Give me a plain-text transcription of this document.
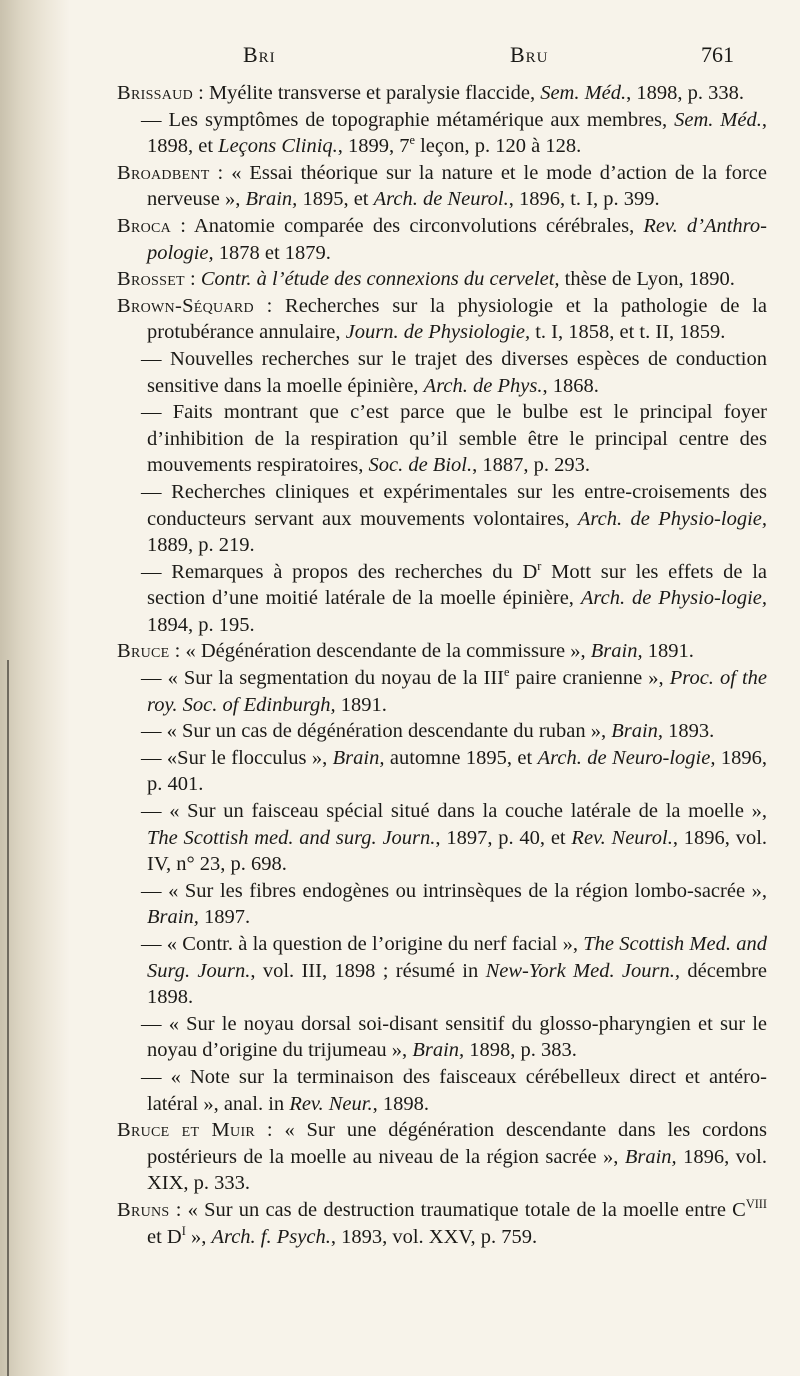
Bri	Bru	761

Brissaud : Myélite transverse et paralysie flaccide, Sem. Méd., 1898, p. 338.

— Les symptômes de topographie métamérique aux membres, Sem. Méd., 1898, et Leçons Cliniq., 1899, 7e leçon, p. 120 à 128.

Broadbent : « Essai théorique sur la nature et le mode d’action de la force nerveuse », Brain, 1895, et Arch. de Neurol., 1896, t. I, p. 399.

Broca : Anatomie comparée des circonvolutions cérébrales, Rev. d’Anthro-pologie, 1878 et 1879.

Brosset : Contr. à l’étude des connexions du cervelet, thèse de Lyon, 1890.

Brown-Séquard : Recherches sur la physiologie et la pathologie de la protubérance annulaire, Journ. de Physiologie, t. I, 1858, et t. II, 1859.

— Nouvelles recherches sur le trajet des diverses espèces de conduction sensitive dans la moelle épinière, Arch. de Phys., 1868.

— Faits montrant que c’est parce que le bulbe est le principal foyer d’inhibition de la respiration qu’il semble être le principal centre des mouvements respiratoires, Soc. de Biol., 1887, p. 293.

— Recherches cliniques et expérimentales sur les entre-croisements des conducteurs servant aux mouvements volontaires, Arch. de Physio-logie, 1889, p. 219.

— Remarques à propos des recherches du $D^r$ Mott sur les effets de la section d’une moitié latérale de la moelle épinière, Arch. de Physio-logie, 1894, p. 195.

Bruce : « Dégénération descendante de la commissure », Brain, 1891.

— « Sur la segmentation du noyau de la IIIe paire cranienne », Proc. of the roy. Soc. of Edinburgh, 1891.

— « Sur un cas de dégénération descendante du ruban », Brain, 1893.

— «Sur le flocculus », Brain, automne 1895, et Arch. de Neuro-logie, 1896, p. 401.

— « Sur un faisceau spécial situé dans la couche latérale de la moelle », The Scottish med. and surg. Journ., 1897, p. 40, et Rev. Neurol., 1896, vol. IV, n° 23, p. 698.

— « Sur les fibres endogènes ou intrinsèques de la région lombo-sacrée », Brain, 1897.

— « Contr. à la question de l’origine du nerf facial », The Scottish Med. and Surg. Journ., vol. III, 1898 ; résumé in New-York Med. Journ., décembre 1898.

— « Sur le noyau dorsal soi-disant sensitif du glosso-pharyngien et sur le noyau d’origine du trijumeau », Brain, 1898, p. 383.

— « Note sur la terminaison des faisceaux cérébelleux direct et antéro-latéral », anal. in Rev. Neur., 1898.

Bruce et Muir : « Sur une dégénération descendante dans les cordons postérieurs de la moelle au niveau de la région sacrée », Brain, 1896, vol. XIX, p. 333.

Bruns : « Sur un cas de destruction traumatique totale de la moelle entre $C^{VIII}$ et $D^I$ », Arch. f. Psych., 1893, vol. XXV, p. 759.
